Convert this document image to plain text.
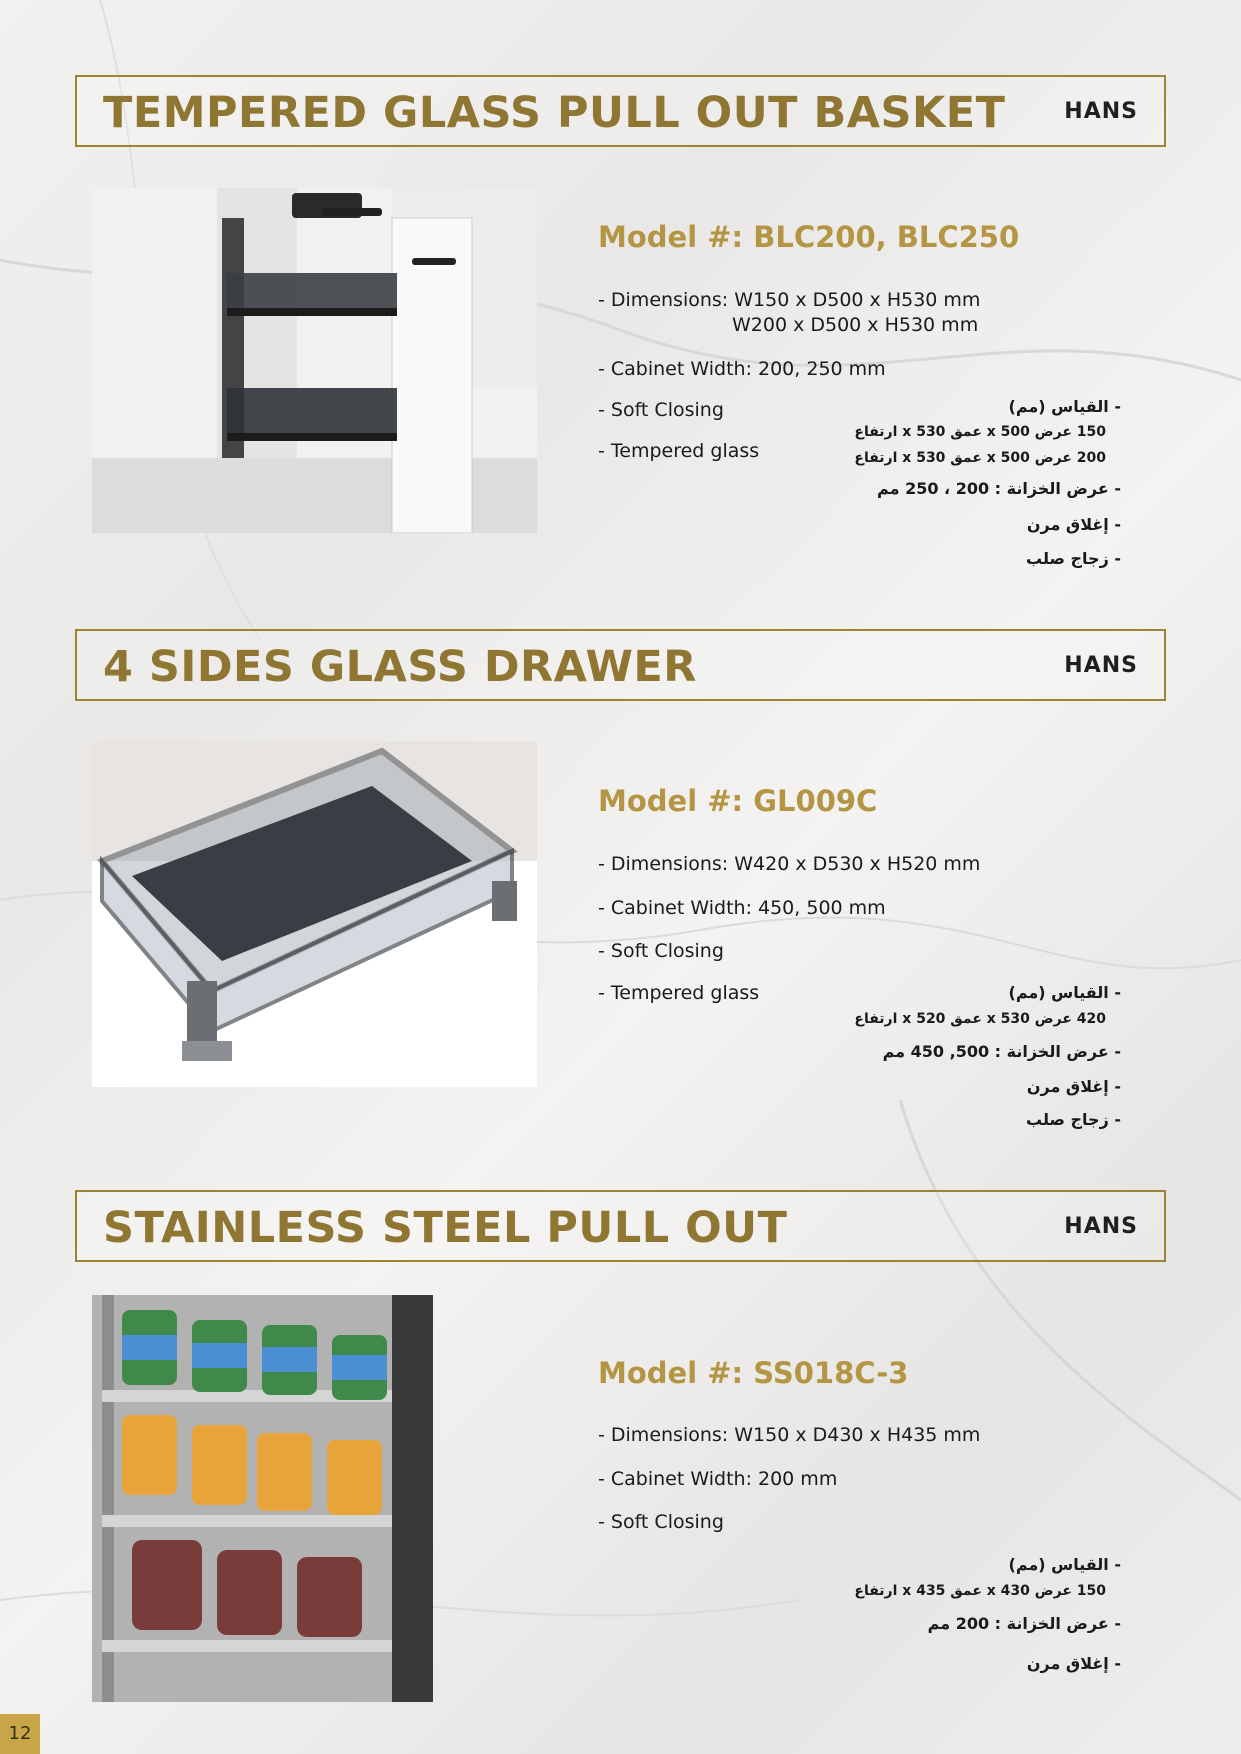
TEMPERED GLASS PULL OUT BASKET	HANS
Model #: BLC200, BLC250
- Dimensions: W150 x D500 x H530 mm
W200 x D500 x H530 mm
- Cabinet Width: 200, 250 mm
- Soft Closing
- Tempered glass
- القياس (مم)
150 عرض x 500 عمق x 530 ارتفاع
200 عرض x 500 عمق x 530 ارتفاع
- عرض الخزانة : 200 ، 250 مم
- إغلاق مرن
- زجاج صلب
4 SIDES GLASS DRAWER	HANS
Model #: GL009C
- Dimensions: W420 x D530 x H520 mm
- Cabinet Width: 450, 500 mm
- Soft Closing
- Tempered glass	- القياس (مم)
420 عرض x 530 عمق x 520 ارتفاع
- عرض الخزانة : 500, 450 مم
- إغلاق مرن
- زجاج صلب
STAINLESS STEEL PULL OUT	HANS
Model #: SS018C-3
- Dimensions: W150 x D430 x H435 mm
- Cabinet Width: 200 mm
- Soft Closing
- القياس (مم)
150 عرض x 430 عمق x 435 ارتفاع
- عرض الخزانة : 200 مم
- إغلاق مرن
12
